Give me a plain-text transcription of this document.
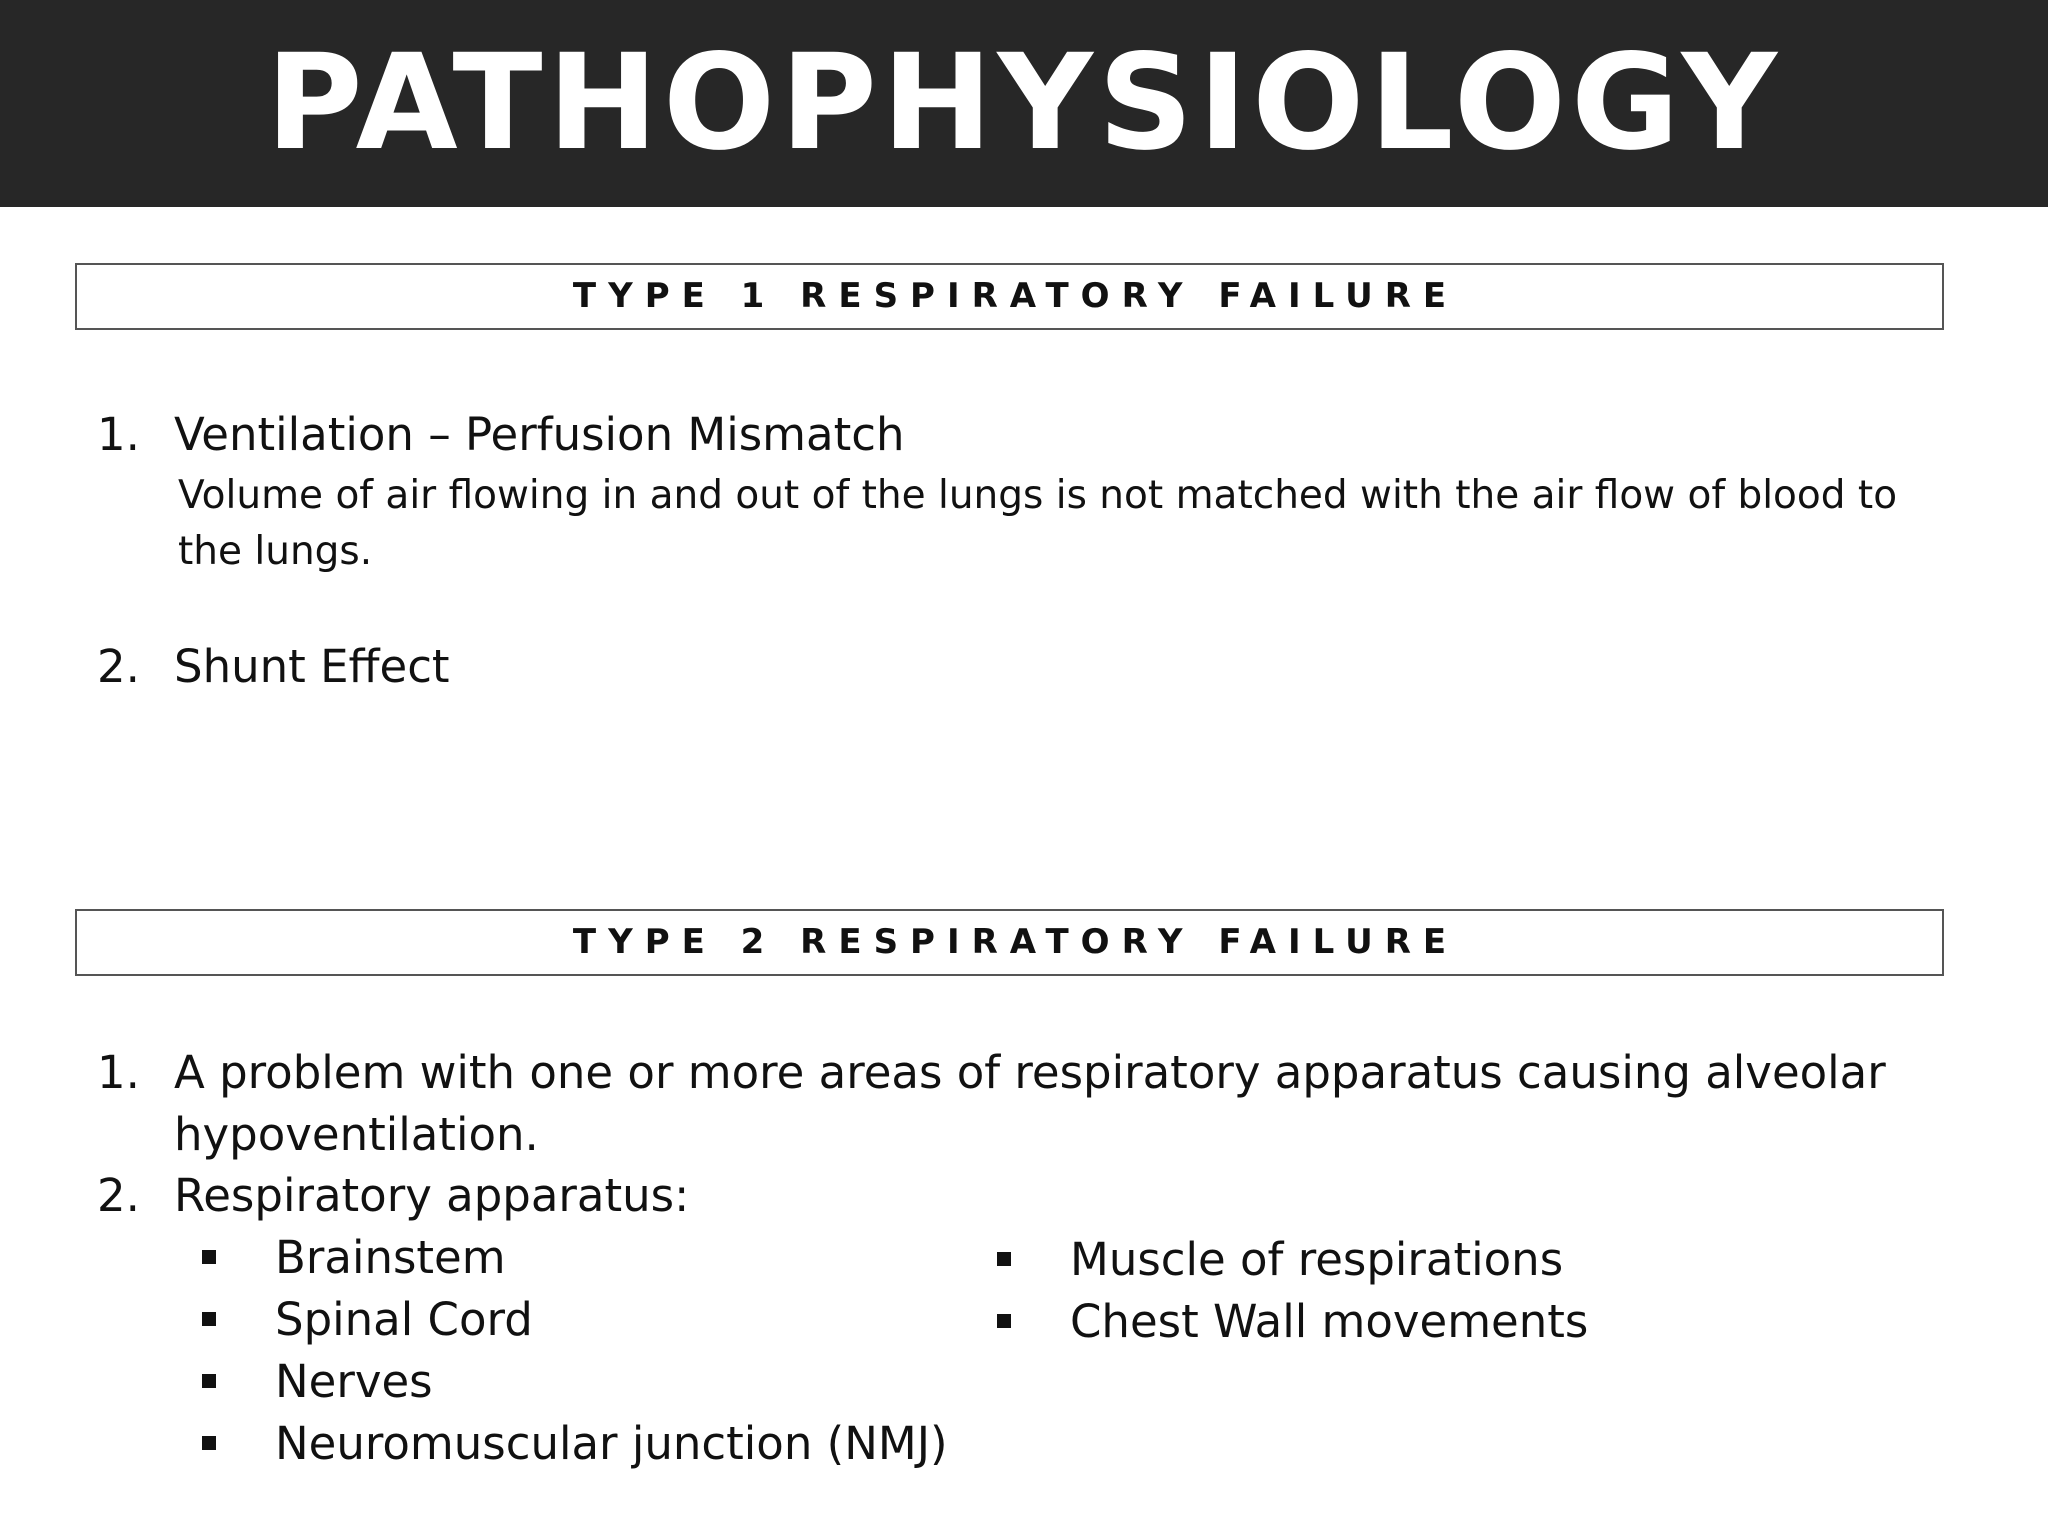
PATHOPHYSIOLOGY
TYPE 1 RESPIRATORY FAILURE
1. Ventilation – Perfusion Mismatch
Volume of air flowing in and out of the lungs is not matched with the air flow of blood to the lungs.
2. Shunt Effect
TYPE 2 RESPIRATORY FAILURE
1. A problem with one or more areas of respiratory apparatus causing alveolar
hypoventilation.
2. Respiratory apparatus:
Brainstem
Spinal Cord
Nerves
Neuromuscular junction (NMJ)
Muscle of respirations
Chest Wall movements
